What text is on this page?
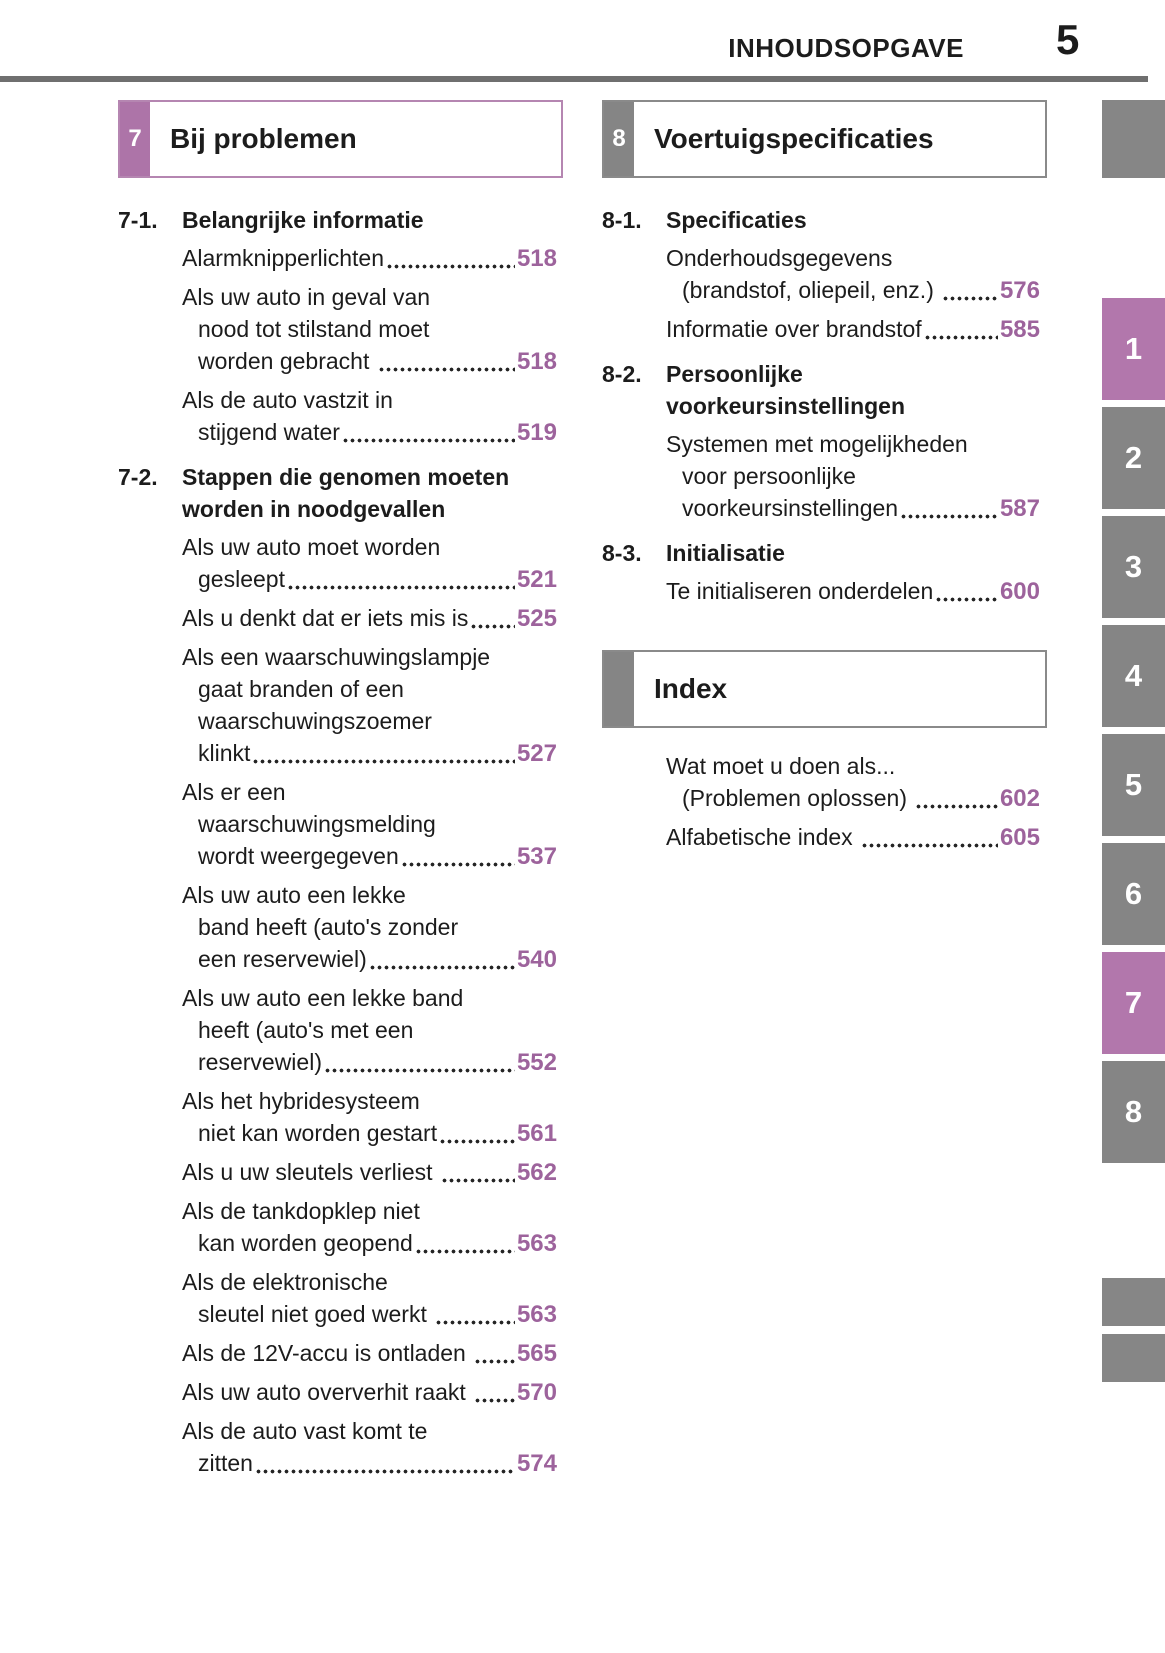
INHOUDSOPGAVE 5
7 Bij problemen	8 Voertuigspecificaties
Index
7-1.	Belangrijke informatie
Alarmknipperlichten	518
Als uw auto in geval van
nood tot stilstand moet
worden gebracht	518
Als de auto vastzit in
stijgend water	519
7-2.	Stappen die genomen moeten
worden in noodgevallen
Als uw auto moet worden
gesleept	521
Als u denkt dat er iets mis is 525
Als een waarschuwingslampje
gaat branden of een
waarschuwingszoemer
klinkt	527
Als er een
waarschuwingsmelding
wordt weergegeven	537
Als uw auto een lekke
band heeft (auto's zonder
een reservewiel)	540
Als uw auto een lekke band
heeft (auto's met een
reservewiel)	552
Als het hybridesysteem
niet kan worden gestart	561
Als u uw sleutels verliest	562
Als de tankdopklep niet
kan worden geopend	563
Als de elektronische
sleutel niet goed werkt	563
Als de 12V-accu is ontladen 565
Als uw auto oververhit raakt 570
Als de auto vast komt te
zitten	574
8-1.	Specificaties
Onderhoudsgegevens
(brandstof, oliepeil, enz.) 576
Informatie over brandstof	585
8-2.	Persoonlijke
voorkeursinstellingen
Systemen met mogelijkheden
voor persoonlijke
voorkeursinstellingen	587
8-3.	Initialisatie
Te initialiseren onderdelen	600
Wat moet u doen als...
(Problemen oplossen)	602
Alfabetische index	605
1
2
3
4
5
6
7
8
